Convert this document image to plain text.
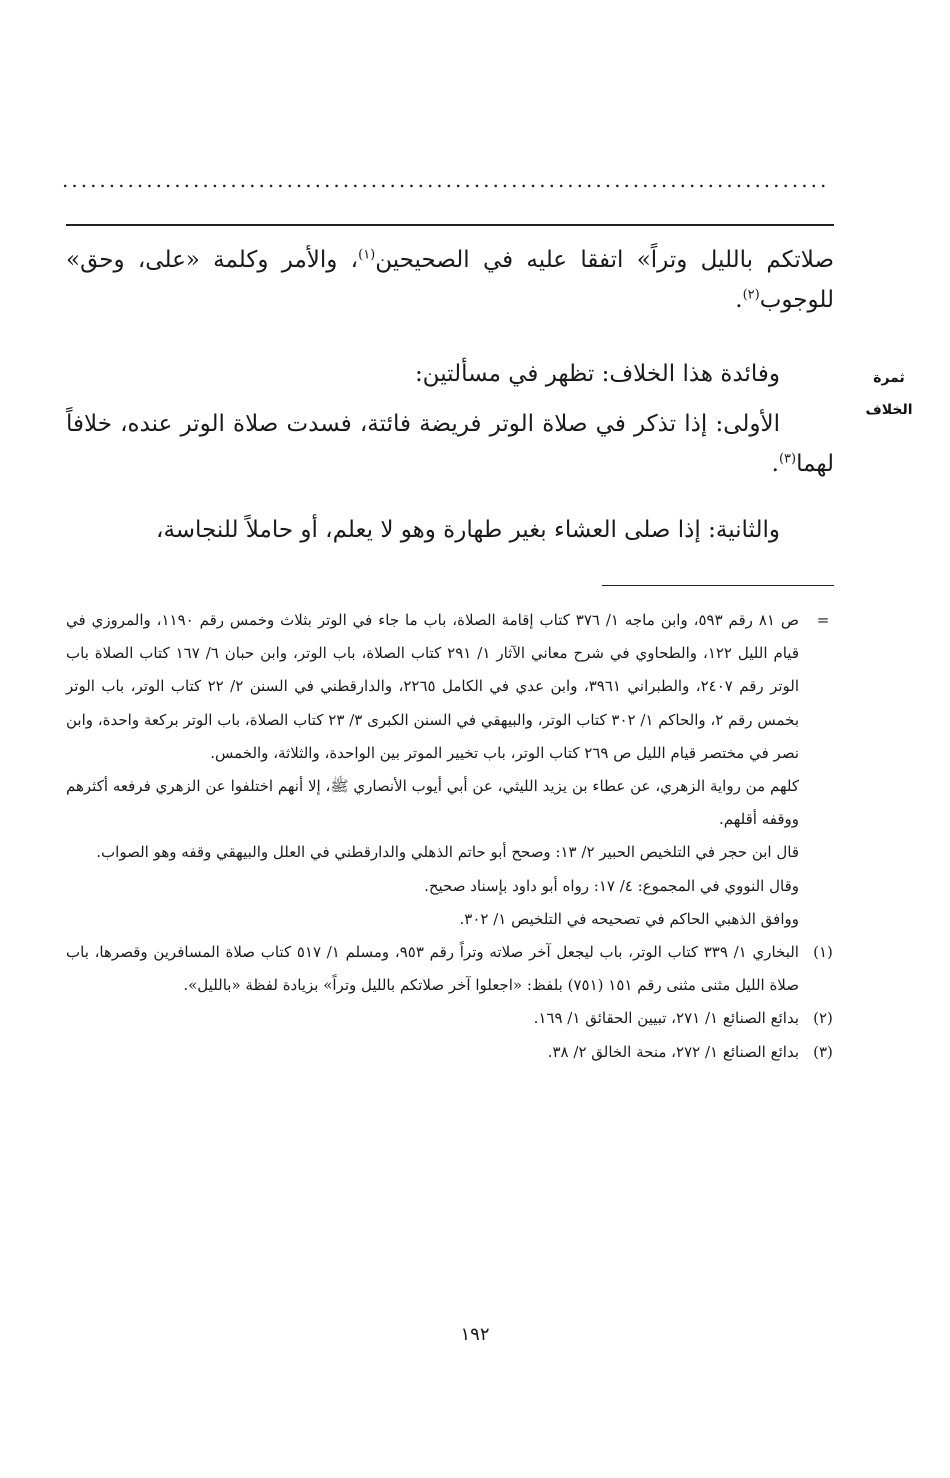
..................................................................................

صلاتكم بالليل وتراً» اتفقا عليه في الصحيحين$^{(١)}$، والأمر وكلمة «على، وحق» للوجوب$^{(٢)}$.

وفائدة هذا الخلاف: تظهر في مسألتين:

الأولى: إذا تذكر في صلاة الوتر فريضة فائتة، فسدت صلاة الوتر عنده، خلافاً لهما$^{(٣)}$.

والثانية: إذا صلى العشاء بغير طهارة وهو لا يعلم، أو حاملاً للنجاسة،

ثمرة
الخلاف

=
ص ٨١ رقم ٥٩٣، وابن ماجه ١/ ٣٧٦ كتاب إقامة الصلاة، باب ما جاء في الوتر بثلاث وخمس رقم ١١٩٠، والمروزي في قيام الليل ١٢٢، والطحاوي في شرح معاني الآثار ١/ ٢٩١ كتاب الصلاة، باب الوتر، وابن حبان ٦/ ١٦٧ كتاب الصلاة باب الوتر رقم ٢٤٠٧، والطبراني ٣٩٦١، وابن عدي في الكامل ٢٢٦٥، والدارقطني في السنن ٢/ ٢٢ كتاب الوتر، باب الوتر بخمس رقم ٢، والحاكم ١/ ٣٠٢ كتاب الوتر، والبيهقي في السنن الكبرى ٣/ ٢٣ كتاب الصلاة، باب الوتر بركعة واحدة، وابن نصر في مختصر قيام الليل ص ٢٦٩ كتاب الوتر، باب تخيير الموتر بين الواحدة، والثلاثة، والخمس.

كلهم من رواية الزهري، عن عطاء بن يزيد الليثي، عن أبي أيوب الأنصاري ﷺ، إلا أنهم اختلفوا عن الزهري فرفعه أكثرهم ووقفه أقلهم.

قال ابن حجر في التلخيص الحبير ٢/ ١٣: وصحح أبو حاتم الذهلي والدارقطني في العلل والبيهقي وقفه وهو الصواب.

وقال النووي في المجموع: ٤/ ١٧: رواه أبو داود بإسناد صحيح.

ووافق الذهبي الحاكم في تصحيحه في التلخيص ١/ ٣٠٢.

(١)
البخاري ١/ ٣٣٩ كتاب الوتر، باب ليجعل آخر صلاته وتراً رقم ٩٥٣، ومسلم ١/ ٥١٧ كتاب صلاة المسافرين وقصرها، باب صلاة الليل مثنى مثنى رقم ١٥١ (٧٥١) بلفظ: «اجعلوا آخر صلاتكم بالليل وتراً» بزيادة لفظة «بالليل».

(٢)
بدائع الصنائع ١/ ٢٧١، تبيين الحقائق ١/ ١٦٩.

(٣)
بدائع الصنائع ١/ ٢٧٢، منحة الخالق ٢/ ٣٨.

١٩٢
